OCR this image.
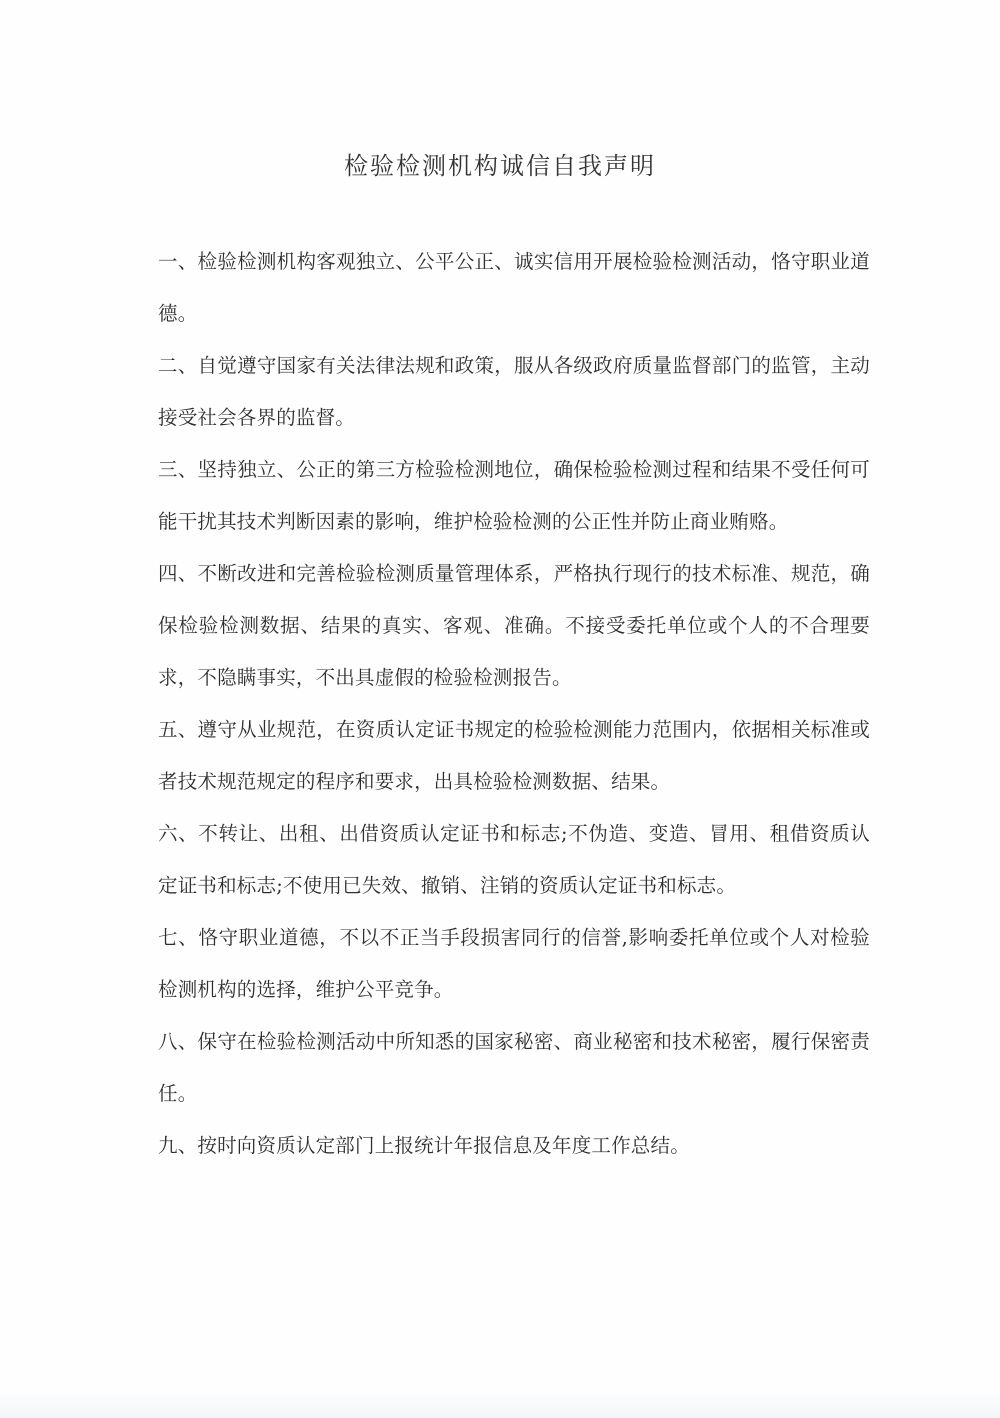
检验检测机构诚信自我声明

一、检验检测机构客观独立、公平公正、诚实信用开展检验检测活动，恪守职业道德。

二、自觉遵守国家有关法律法规和政策，服从各级政府质量监督部门的监管，主动接受社会各界的监督。

三、坚持独立、公正的第三方检验检测地位，确保检验检测过程和结果不受任何可能干扰其技术判断因素的影响，维护检验检测的公正性并防止商业贿赂。

四、不断改进和完善检验检测质量管理体系，严格执行现行的技术标准、规范，确保检验检测数据、结果的真实、客观、准确。不接受委托单位或个人的不合理要求，不隐瞒事实，不出具虚假的检验检测报告。

五、遵守从业规范，在资质认定证书规定的检验检测能力范围内，依据相关标准或者技术规范规定的程序和要求，出具检验检测数据、结果。

六、不转让、出租、出借资质认定证书和标志;不伪造、变造、冒用、租借资质认定证书和标志;不使用已失效、撤销、注销的资质认定证书和标志。

七、恪守职业道德，不以不正当手段损害同行的信誉,影响委托单位或个人对检验检测机构的选择，维护公平竞争。

八、保守在检验检测活动中所知悉的国家秘密、商业秘密和技术秘密，履行保密责任。

九、按时向资质认定部门上报统计年报信息及年度工作总结。
